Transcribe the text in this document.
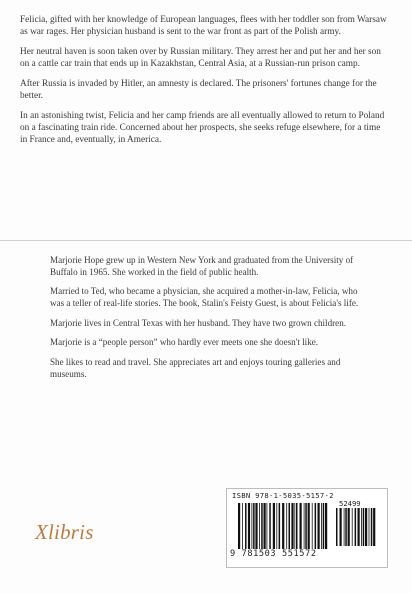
Felicia, gifted with her knowledge of European languages, flees with her toddler son from Warsaw as war rages. Her physician husband is sent to the war front as part of the Polish army.

Her neutral haven is soon taken over by Russian military. They arrest her and put her and her son on a cattle car train that ends up in Kazakhstan, Central Asia, at a Russian-run prison camp.

After Russia is invaded by Hitler, an amnesty is declared. The prisoners' fortunes change for the better.

In an astonishing twist, Felicia and her camp friends are all eventually allowed to return to Poland on a fascinating train ride. Concerned about her prospects, she seeks refuge elsewhere, for a time in France and, eventually, in America.

Marjorie Hope grew up in Western New York and graduated from the University of Buffalo in 1965. She worked in the field of public health.

Married to Ted, who became a physician, she acquired a mother-in-law, Felicia, who was a teller of real-life stories. The book, Stalin's Feisty Guest, is about Felicia's life.

Marjorie lives in Central Texas with her husband. They have two grown children.

Marjorie is a “people person” who hardly ever meets one she doesn't like.

She likes to read and travel. She appreciates art and enjoys touring galleries and museums.

Xlibris
ISBN 978-1-5035-5157-2
52499
9 781503 551572
